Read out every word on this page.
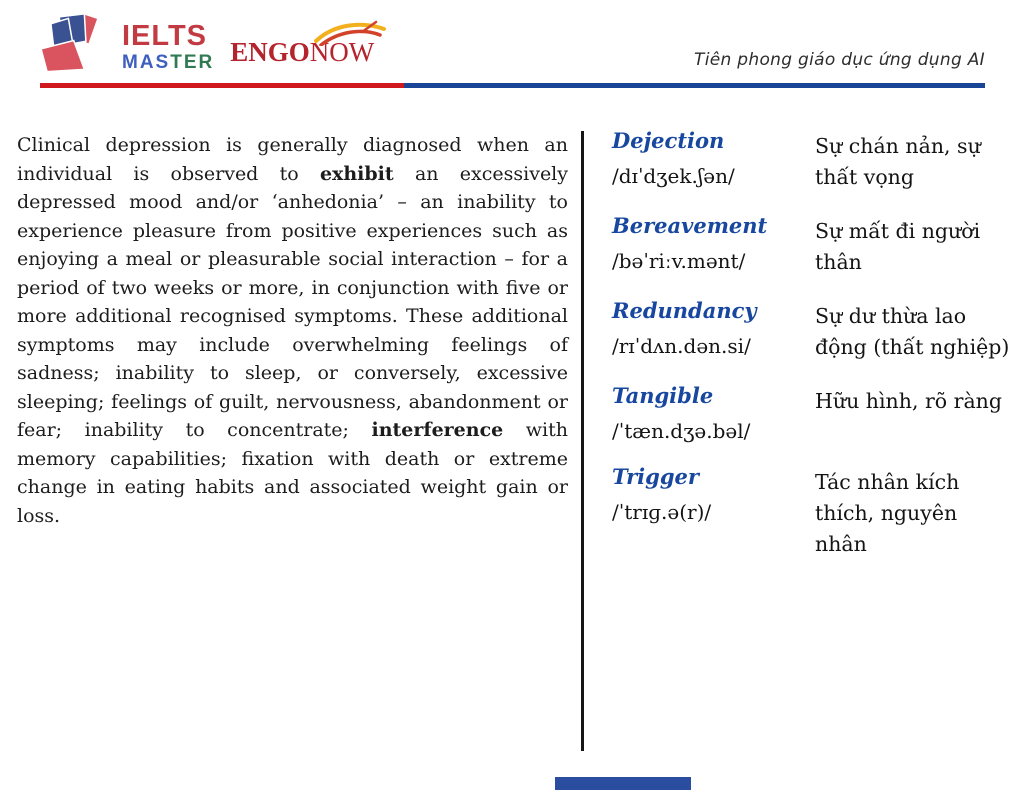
IELTS
MASTER ENGONOW	Tiên phong giáo dục ứng dụng AI
Clinical depression is generally diagnosed when an individual is observed to exhibit an excessively depressed mood and/or ‘anhedonia’ – an inability to experience pleasure from positive experiences such as enjoying a meal or pleasurable social interaction – for a period of two weeks or more, in conjunction with five or more additional recognised symptoms. These additional symptoms may include overwhelming feelings of sadness; inability to sleep, or conversely, excessive sleeping; feelings of guilt, nervousness, abandonment or fear; inability to concentrate; interference with memory capabilities; fixation with death or extreme change in eating habits and associated weight gain or loss.
Dejection
/dɪˈdʒek.ʃən/
Sự chán nản, sự thất vọng
Bereavement
/bəˈriːv.mənt/
Sự mất đi người thân
Redundancy
/rɪˈdʌn.dən.si/
Sự dư thừa lao động (thất nghiệp)
Tangible
/ˈtæn.dʒə.bəl/
Hữu hình, rõ ràng
Trigger
/ˈtrɪɡ.ə(r)/
Tác nhân kích thích, nguyên nhân
